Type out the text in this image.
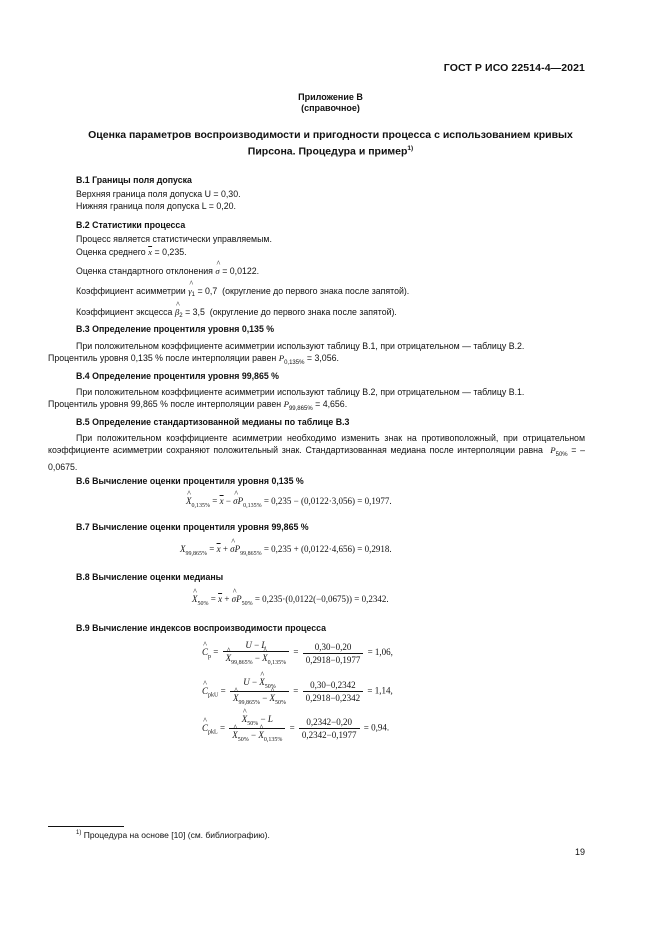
ГОСТ Р ИСО 22514-4—2021
Приложение В
(справочное)
Оценка параметров воспроизводимости и пригодности процесса с использованием кривых Пирсона. Процедура и пример$^{1)}$
В.1 Границы поля допуска
Верхняя граница поля допуска U = 0,30.
Нижняя граница поля допуска L = 0,20.
В.2 Статистики процесса
Процесс является статистически управляемым.
Оценка среднего $\overline{x} = 0,235$.
Оценка стандартного отклонения ^ σ = 0,0122.
Коэффициент асимметрии ^ $\gamma_1 = 0,7$ (округление до первого знака после запятой).
Коэффициент эксцесса ^ $\beta_2 = 3,5$ (округление до первого знака после запятой).
В.3 Определение процентиля уровня 0,135 %
При положительном коэффициенте асимметрии используют таблицу В.1, при отрицательном — таблицу В.2.
Процентиль уровня 0,135 % после интерполяции равен $P_{0,135\%} = 3,056$.
В.4 Определение процентиля уровня 99,865 %
При положительном коэффициенте асимметрии используют таблицу В.2, при отрицательном — таблицу В.1.
Процентиль уровня 99,865 % после интерполяции равен $P_{99,865\%} = 4,656$.
В.5 Определение стандартизованной медианы по таблице В.3
При положительном коэффициенте асимметрии необходимо изменить знак на противоположный, при отрицательном коэффициенте асимметрии сохраняют положительный знак. Стандартизованная медиана после интерполяции равна $P_{50\%} = -0,0675$.
В.6 Вычисление оценки процентиля уровня 0,135 %
^ $X_{0,135\%} = \overline{x}$ − ^ $\sigma P_{0,135\%} = 0,235 - (0,0122\cdot 3,056) = 0,1977$.
В.7 Вычисление оценки процентиля уровня 99,865 %
$X_{99,865\%} = \overline{x}$ + ^ $\sigma P_{99,865\%} = 0,235 + (0,0122\cdot 4,656) = 0,2918$.
В.8 Вычисление оценки медианы
^ $X_{50\%} = \overline{x}$ + ^ $\sigma P_{50\%} = 0,235\cdot(0,0122(-0,0675)) = 0,2342$.
В.9 Вычисление индексов воспроизводимости процесса
^ $C_p = U - L$
^ $X_{99,865\%}$ − ^ $X_{0,135\%} = \frac{0,30-0,20}{0,2918-0,1977} = 1,06$,
^ $C_{pkU} = U$ − ^ $X_{50\%}$
^ $X_{99,865\%}$ − ^ $X_{50\%} = \frac{0,30-0,2342}{0,2918-0,2342} = 1,14$,
^ $C_{pkL}$ = ^ $X_{50\%} - L$
^ $X_{50\%}$ − ^ $X_{0,135\%} = \frac{0,2342-0,20}{0,2342-0,1977} = 0,94$.
$^{1)}$ Процедура на основе [10] (см. библиографию).
19
